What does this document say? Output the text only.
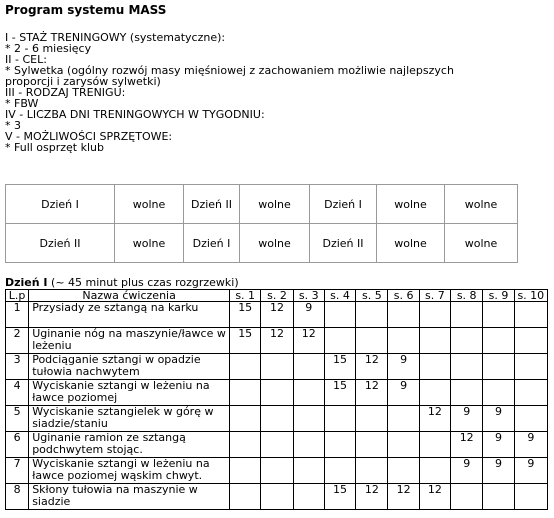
Program systemu MASS
I - STAŻ TRENINGOWY (systematyczne):
* 2 - 6 miesięcy
II - CEL:
* Sylwetka (ogólny rozwój masy mięśniowej z zachowaniem możliwie najlepszych
proporcji i zarysów sylwetki)
III - RODZAJ TRENIGU:
* FBW
IV - LICZBA DNI TRENINGOWYCH W TYGODNIU:
* 3
V - MOŻLIWOŚCI SPRZĘTOWE:
* Full osprzęt klub
Dzień I	wolne	Dzień II	wolne	Dzień I	wolne	wolne
Dzień II	wolne	Dzień I	wolne	Dzień II	wolne	wolne
Dzień I (~ 45 minut plus czas rozgrzewki)
L.p	Nazwa ćwiczenia	s. 1	s. 2	s. 3	s. 4	s. 5	s. 6	s. 7	s. 8	s. 9	s. 10
1	Przysiady ze sztangą na karku	15	12	9							
2	Uginanie nóg na maszynie/ławce w leżeniu	15	12	12							
3	Podciąganie sztangi w opadzie tułowia nachwytem				15	12	9				
4	Wyciskanie sztangi w leżeniu na ławce poziomej				15	12	9				
5	Wyciskanie sztangielek w górę w siadzie/staniu							12	9	9	
6	Uginanie ramion ze sztangą podchwytem stojąc.								12	9	9
7	Wyciskanie sztangi w leżeniu na ławce poziomej wąskim chwyt.								9	9	9
8	Skłony tułowia na maszynie w siadzie				15	12	12	12			
